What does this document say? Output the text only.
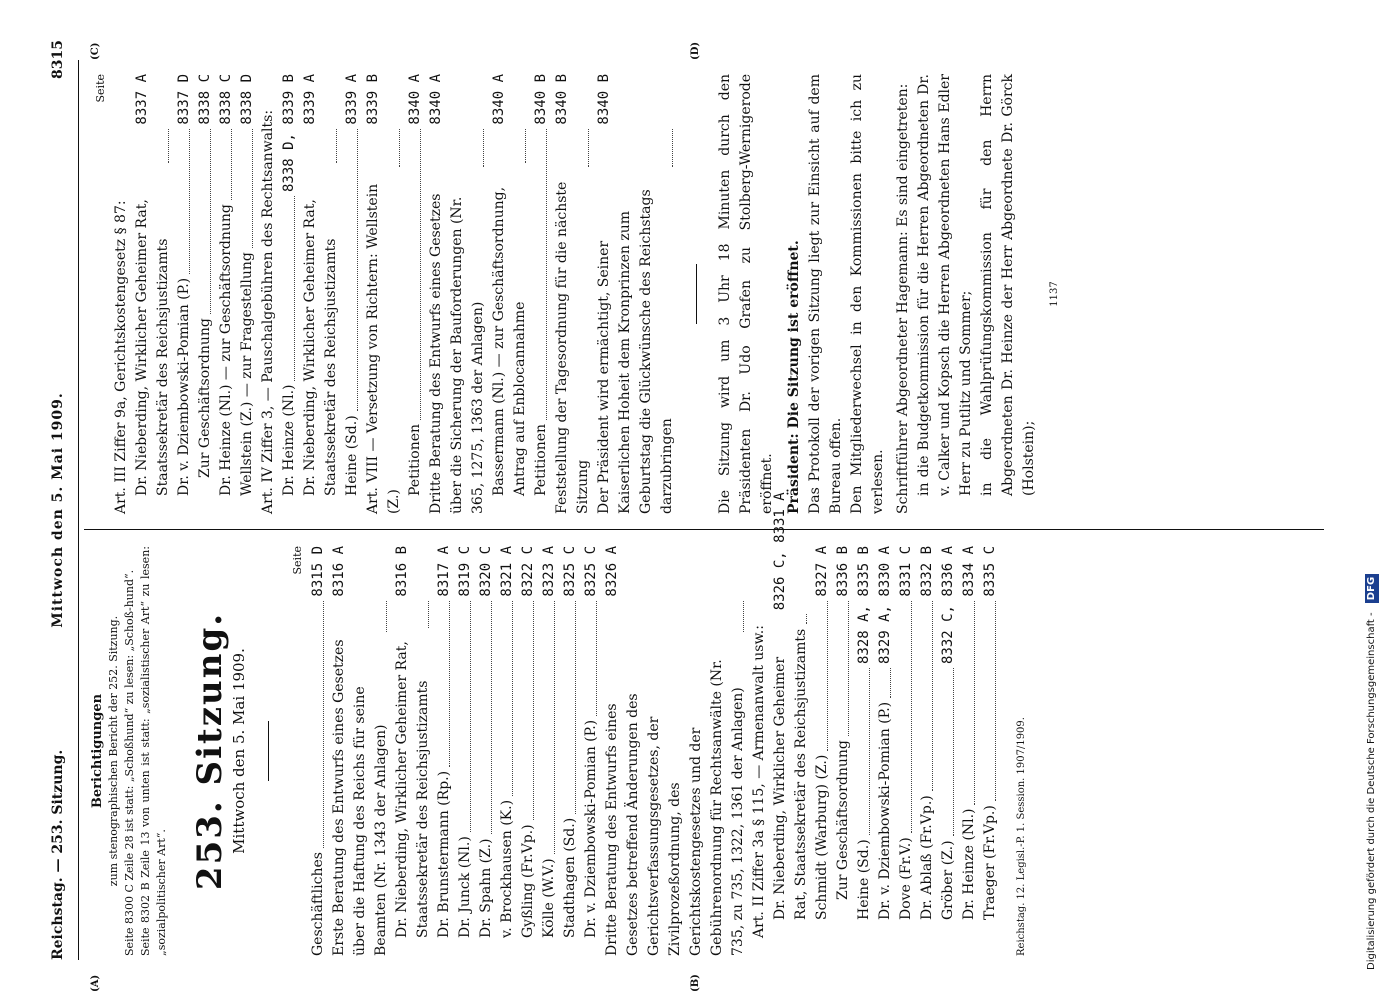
Reichstag. — 253. Sitzung.
Mittwoch den 5. Mai 1909.
8315
(A)	(B)
(C)	(D)
Berichtigungen zum stenographischen Bericht der 252. Sitzung. Seite 8300 C Zeile 28 ist statt: „Schoßhund“ zu lesen: „Schoß-hund“. Seite 8302 B Zeile 13 von unten ist statt: „sozialistischer Art“ zu lesen: „sozialpolitischer Art“.
253. Sitzung. Mittwoch den 5. Mai 1909.
Seite
Geschäftliches
8315 D
Erste Beratung des Entwurfs eines Gesetzes über die Haftung des Reichs für seine Beamten (Nr. 1343 der Anlagen)
8316 A
Dr. Nieberding, Wirklicher Geheimer Rat, Staatssekretär des Reichsjustizamts
8316 B
Dr. Brunstermann (Rp.)
8317 A
Dr. Junck (Nl.)
8319 C
Dr. Spahn (Z.)
8320 C
v. Brockhausen (K.)
8321 A
Gyßling (Fr.Vp.)
8322 C
Kölle (W.V.)
8323 A
Stadthagen (Sd.)
8325 C
Dr. v. Dziembowski-Pomian (P.)
8325 C
Dritte Beratung des Entwurfs eines Gesetzes betreffend Änderungen des Gerichtsverfassungsgesetzes, der Zivilprozeßordnung, des Gerichtskostengesetzes und der Gebührenordnung für Rechtsanwälte (Nr. 735, zu 735, 1322, 1361 der Anlagen)
8326 A
Art. II Ziffer 3a § 115, — Armenanwalt usw.: Dr. Nieberding, Wirklicher Geheimer Rat, Staatssekretär des Reichsjustizamts
8326 C, 8331 A
Schmidt (Warburg) (Z.)
8327 A
Zur Geschäftsordnung
8336 B
Heine (Sd.)
8328 A, 8335 B
Dr. v. Dziembowski-Pomian (P.)
8329 A, 8330 A
Dove (Fr.V.)
8331 C
Dr. Ablaß (Fr.Vp.)
8332 B
Gröber (Z.)
8332 C, 8336 A
Dr. Heinze (Nl.)
8334 A
Traeger (Fr.Vp.)
8335 C
Reichstag. 12. Legisl.-P. 1. Session. 1907/1909.
Seite
Art. III Ziffer 9a, Gerichtskostengesetz § 87: Dr. Nieberding, Wirklicher Geheimer Rat, Staatssekretär des Reichsjustizamts
8337 A
Dr. v. Dziembowski-Pomian (P.)
8337 D
Zur Geschäftsordnung
8338 C
Dr. Heinze (Nl.) — zur Geschäftsordnung
8338 C
Wellstein (Z.) — zur Fragestellung
8338 D
Art. IV Ziffer 3, — Pauschalgebühren des Rechtsanwalts: Dr. Heinze (Nl.)
8338 D, 8339 B
Dr. Nieberding, Wirklicher Geheimer Rat, Staatssekretär des Reichsjustizamts
8339 A
Heine (Sd.)
8339 A
Art. VIII — Versetzung von Richtern: Wellstein (Z.)
8339 B
Petitionen
8340 A
Dritte Beratung des Entwurfs eines Gesetzes über die Sicherung der Bauforderungen (Nr. 365, 1275, 1363 der Anlagen)
8340 A
Bassermann (Nl.) — zur Geschäftsordnung, Antrag auf Enblocannahme
8340 A
Petitionen
8340 B
Feststellung der Tagesordnung für die nächste Sitzung
8340 B
Der Präsident wird ermächtigt, Seiner Kaiserlichen Hoheit dem Kronprinzen zum Geburtstag die Glückwünsche des Reichstags darzubringen
8340 B	Die Sitzung wird um 3 Uhr 18 Minuten durch den Präsidenten Dr. Udo Grafen zu Stolberg-Wernigerode eröffnet. Präsident: Die Sitzung ist eröffnet. Das Protokoll der vorigen Sitzung liegt zur Einsicht auf dem Bureau offen. Den Mitgliederwechsel in den Kommissionen bitte ich zu verlesen. Schriftführer Abgeordneter Hagemann: Es sind eingetreten: in die Budgetkommission für die Herren Abgeordneten Dr. v. Calker und Kopsch die Herren Abgeordneten Hans Edler Herr zu Putlitz und Sommer; in die Wahlprüfungskommission für den Herrn Abgeordneten Dr. Heinze der Herr Abgeordnete Dr. Görck (Holstein);
1137
Digitalisierung gefördert durch die Deutsche Forschungsgemeinschaft - DFG
